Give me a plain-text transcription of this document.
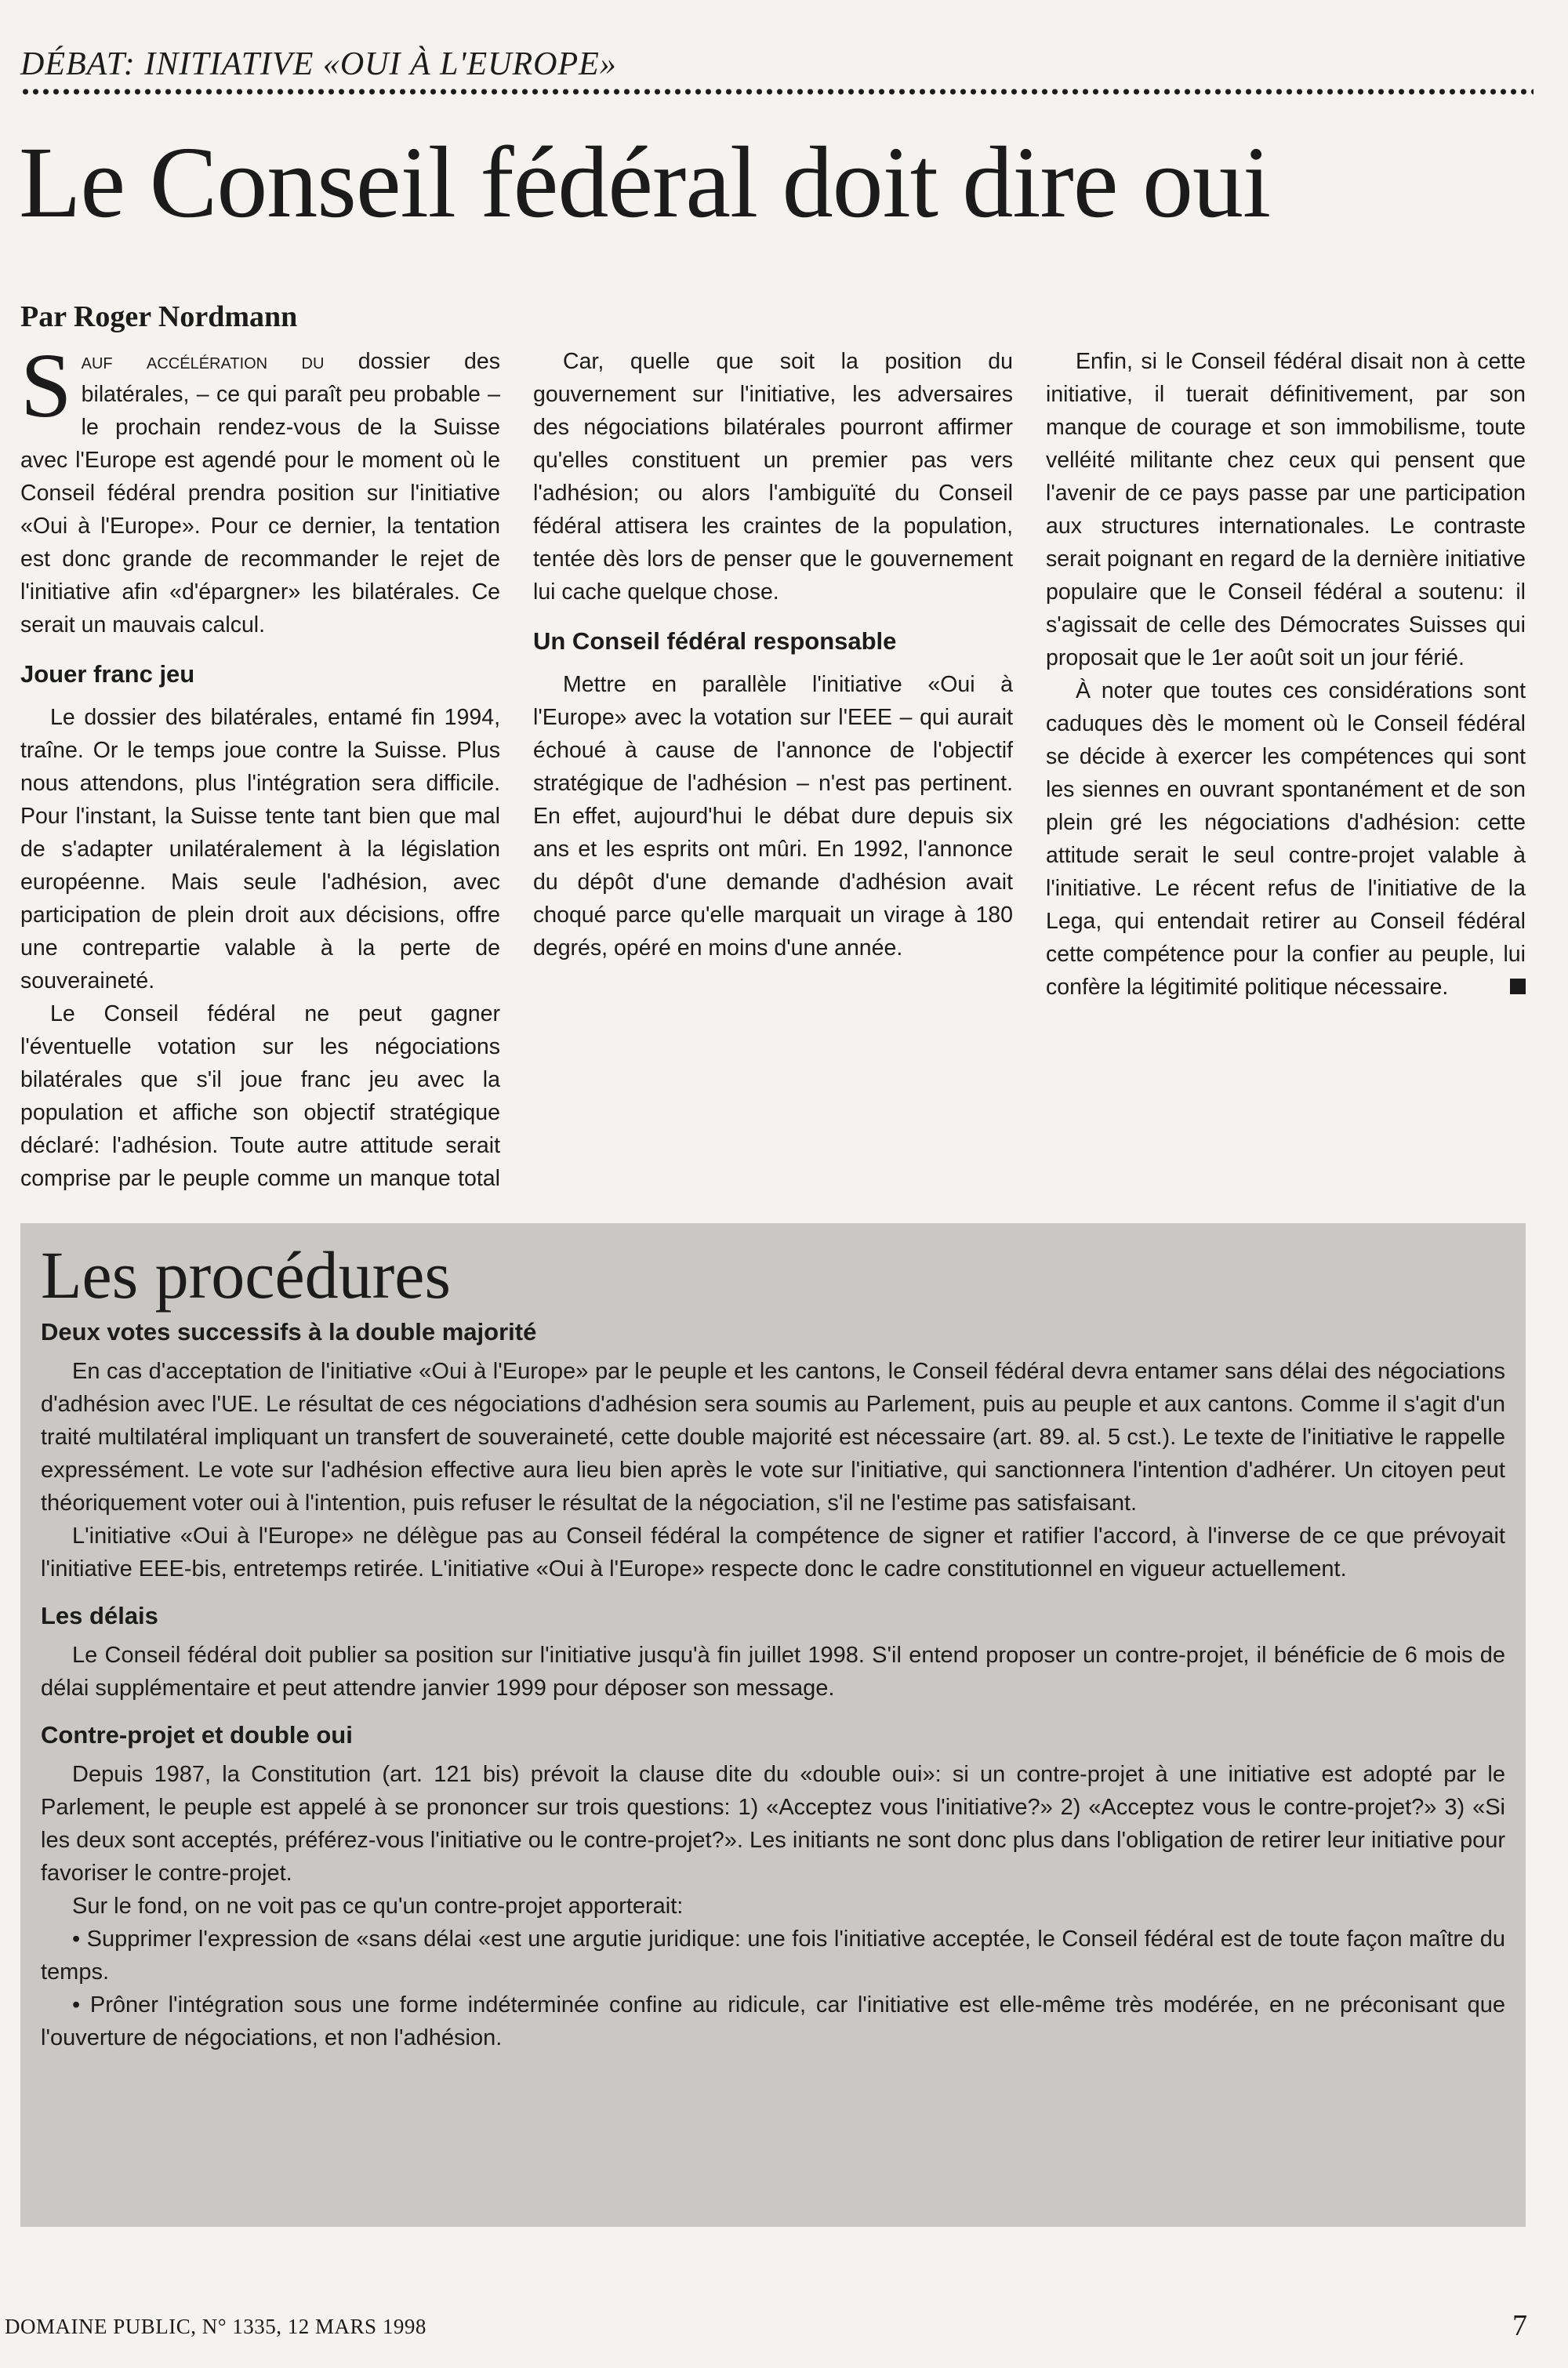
DÉBAT: INITIATIVE «OUI À L'EUROPE»
Le Conseil fédéral doit dire oui
Par Roger Nordmann

Sauf accélération du dossier des bilatérales, – ce qui paraît peu probable – le prochain rendez-vous de la Suisse avec l'Europe est agendé pour le moment où le Conseil fédéral prendra position sur l'initiative «Oui à l'Europe». Pour ce dernier, la tentation est donc grande de recommander le rejet de l'initiative afin «d'épargner» les bilatérales. Ce serait un mauvais calcul.

Jouer franc jeu

Le dossier des bilatérales, entamé fin 1994, traîne. Or le temps joue contre la Suisse. Plus nous attendons, plus l'intégration sera difficile. Pour l'instant, la Suisse tente tant bien que mal de s'adapter unilatéralement à la législation européenne. Mais seule l'adhésion, avec participation de plein droit aux décisions, offre une contrepartie valable à la perte de souveraineté.

Le Conseil fédéral ne peut gagner l'éventuelle votation sur les négociations bilatérales que s'il joue franc jeu avec la population et affiche son objectif stratégique déclaré: l'adhésion. Toute autre attitude serait comprise par le peuple comme un manque total

Car, quelle que soit la position du gouvernement sur l'initiative, les adversaires des négociations bilatérales pourront affirmer qu'elles constituent un premier pas vers l'adhésion; ou alors l'ambiguïté du Conseil fédéral attisera les craintes de la population, tentée dès lors de penser que le gouvernement lui cache quelque chose.

Un Conseil fédéral responsable

Mettre en parallèle l'initiative «Oui à l'Europe» avec la votation sur l'EEE – qui aurait échoué à cause de l'annonce de l'objectif stratégique de l'adhésion – n'est pas pertinent. En effet, aujourd'hui le débat dure depuis six ans et les esprits ont mûri. En 1992, l'annonce du dépôt d'une demande d'adhésion avait choqué parce qu'elle marquait un virage à 180 degrés, opéré en moins d'une année.

Enfin, si le Conseil fédéral disait non à cette initiative, il tuerait définitivement, par son manque de courage et son immobilisme, toute velléité militante chez ceux qui pensent que l'avenir de ce pays passe par une participation aux structures internationales. Le contraste serait poignant en regard de la dernière initiative populaire que le Conseil fédéral a soutenu: il s'agissait de celle des Démocrates Suisses qui proposait que le 1er août soit un jour férié.

À noter que toutes ces considérations sont caduques dès le moment où le Conseil fédéral se décide à exercer les compétences qui sont les siennes en ouvrant spontanément et de son plein gré les négociations d'adhésion: cette attitude serait le seul contre-projet valable à l'initiative. Le récent refus de l'initiative de la Lega, qui entendait retirer au Conseil fédéral cette compétence pour la confier au peuple, lui confère la légitimité politique nécessaire.

Les procédures
Deux votes successifs à la double majorité

En cas d'acceptation de l'initiative «Oui à l'Europe» par le peuple et les cantons, le Conseil fédéral devra entamer sans délai des négociations d'adhésion avec l'UE. Le résultat de ces négociations d'adhésion sera soumis au Parlement, puis au peuple et aux cantons. Comme il s'agit d'un traité multilatéral impliquant un transfert de souveraineté, cette double majorité est nécessaire (art. 89. al. 5 cst.). Le texte de l'initiative le rappelle expressément. Le vote sur l'adhésion effective aura lieu bien après le vote sur l'initiative, qui sanctionnera l'intention d'adhérer. Un citoyen peut théoriquement voter oui à l'intention, puis refuser le résultat de la négociation, s'il ne l'estime pas satisfaisant.

L'initiative «Oui à l'Europe» ne délègue pas au Conseil fédéral la compétence de signer et ratifier l'accord, à l'inverse de ce que prévoyait l'initiative EEE-bis, entretemps retirée. L'initiative «Oui à l'Europe» respecte donc le cadre constitutionnel en vigueur actuellement.

Les délais

Le Conseil fédéral doit publier sa position sur l'initiative jusqu'à fin juillet 1998. S'il entend proposer un contre-projet, il bénéficie de 6 mois de délai supplémentaire et peut attendre janvier 1999 pour déposer son message.

Contre-projet et double oui

Depuis 1987, la Constitution (art. 121 bis) prévoit la clause dite du «double oui»: si un contre-projet à une initiative est adopté par le Parlement, le peuple est appelé à se prononcer sur trois questions: 1) «Acceptez vous l'initiative?» 2) «Acceptez vous le contre-projet?» 3) «Si les deux sont acceptés, préférez-vous l'initiative ou le contre-projet?». Les initiants ne sont donc plus dans l'obligation de retirer leur initiative pour favoriser le contre-projet.

Sur le fond, on ne voit pas ce qu'un contre-projet apporterait:

• Supprimer l'expression de «sans délai «est une argutie juridique: une fois l'initiative acceptée, le Conseil fédéral est de toute façon maître du temps.

• Prôner l'intégration sous une forme indéterminée confine au ridicule, car l'initiative est elle-même très modérée, en ne préconisant que l'ouverture de négociations, et non l'adhésion.

DOMAINE PUBLIC, N° 1335, 12 MARS 1998	7
